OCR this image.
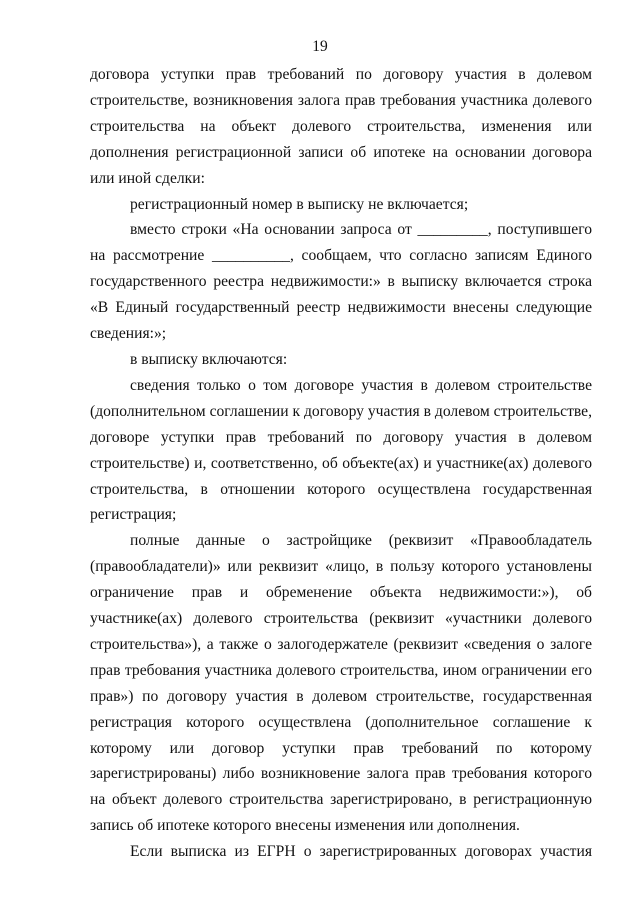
19

договора уступки прав требований по договору участия в долевом строительстве, возникновения залога прав требования участника долевого строительства на объект долевого строительства, изменения или дополнения регистрационной записи об ипотеке на основании договора или иной сделки:

регистрационный номер в выписку не включается;

вместо строки «На основании запроса от _________, поступившего на рассмотрение __________, сообщаем, что согласно записям Единого государственного реестра недвижимости:» в выписку включается строка «В Единый государственный реестр недвижимости внесены следующие сведения:»;

в выписку включаются:

сведения только о том договоре участия в долевом строительстве (дополнительном соглашении к договору участия в долевом строительстве, договоре уступки прав требований по договору участия в долевом строительстве) и, соответственно, об объекте(ах) и участнике(ах) долевого строительства, в отношении которого осуществлена государственная регистрация;

полные данные о застройщике (реквизит «Правообладатель (правообладатели)» или реквизит «лицо, в пользу которого установлены ограничение прав и обременение объекта недвижимости:»), об участнике(ах) долевого строительства (реквизит «участники долевого строительства»), а также о залогодержателе (реквизит «сведения о залоге прав требования участника долевого строительства, ином ограничении его прав») по договору участия в долевом строительстве, государственная регистрация которого осуществлена (дополнительное соглашение к которому или договор уступки прав требований по которому зарегистрированы) либо возникновение залога прав требования которого на объект долевого строительства зарегистрировано, в регистрационную запись об ипотеке которого внесены изменения или дополнения.

Если выписка из ЕГРН о зарегистрированных договорах участия
